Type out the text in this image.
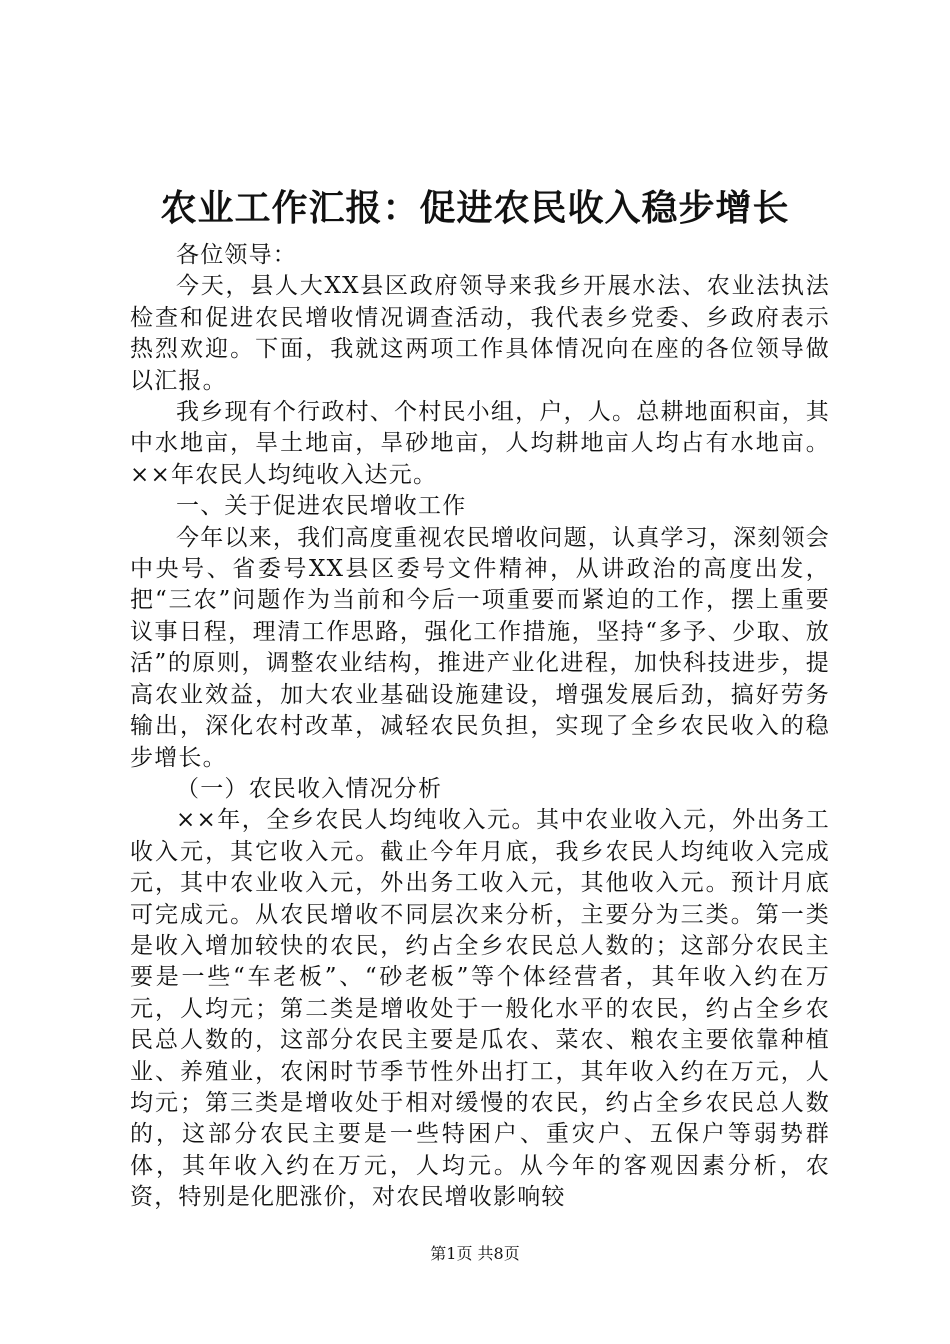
农业工作汇报：促进农民收入稳步增长

各位领导：

今天，县人大XX县区政府领导来我乡开展水法、农业法执法检查和促进农民增收情况调查活动，我代表乡党委、乡政府表示热烈欢迎。下面，我就这两项工作具体情况向在座的各位领导做以汇报。

我乡现有个行政村、个村民小组，户，人。总耕地面积亩，其中水地亩，旱土地亩，旱砂地亩，人均耕地亩人均占有水地亩。××年农民人均纯收入达元。

一、关于促进农民增收工作

今年以来，我们高度重视农民增收问题，认真学习，深刻领会中央号、省委号XX县区委号文件精神，从讲政治的高度出发，把“三农”问题作为当前和今后一项重要而紧迫的工作，摆上重要议事日程，理清工作思路，强化工作措施，坚持“多予、少取、放活”的原则，调整农业结构，推进产业化进程，加快科技进步，提高农业效益，加大农业基础设施建设，增强发展后劲，搞好劳务输出，深化农村改革，减轻农民负担，实现了全乡农民收入的稳步增长。

（一）农民收入情况分析

××年，全乡农民人均纯收入元。其中农业收入元，外出务工收入元，其它收入元。截止今年月底，我乡农民人均纯收入完成元，其中农业收入元，外出务工收入元，其他收入元。预计月底可完成元。从农民增收不同层次来分析，主要分为三类。第一类是收入增加较快的农民，约占全乡农民总人数的；这部分农民主要是一些“车老板”、“砂老板”等个体经营者，其年收入约在万元，人均元；第二类是增收处于一般化水平的农民，约占全乡农民总人数的，这部分农民主要是瓜农、菜农、粮农主要依靠种植业、养殖业，农闲时节季节性外出打工，其年收入约在万元，人均元；第三类是增收处于相对缓慢的农民，约占全乡农民总人数的，这部分农民主要是一些特困户、重灾户、五保户等弱势群体，其年收入约在万元，人均元。从今年的客观因素分析，农资，特别是化肥涨价，对农民增收影响较

第1页 共8页
